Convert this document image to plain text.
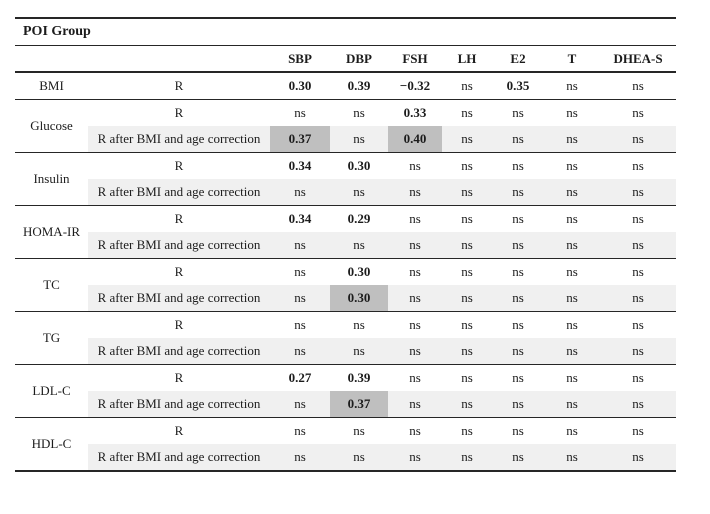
POI Group								
		SBP	DBP	FSH	LH	E2	T	DHEA-S
BMI	R	0.30	0.39	−0.32	ns	0.35	ns	ns
Glucose	R	ns	ns	0.33	ns	ns	ns	ns
	R after BMI and age correction	0.37	ns	0.40	ns	ns	ns	ns
Insulin	R	0.34	0.30	ns	ns	ns	ns	ns
	R after BMI and age correction	ns	ns	ns	ns	ns	ns	ns
HOMA-IR	R	0.34	0.29	ns	ns	ns	ns	ns
	R after BMI and age correction	ns	ns	ns	ns	ns	ns	ns
TC	R	ns	0.30	ns	ns	ns	ns	ns
	R after BMI and age correction	ns	0.30	ns	ns	ns	ns	ns
TG	R	ns	ns	ns	ns	ns	ns	ns
	R after BMI and age correction	ns	ns	ns	ns	ns	ns	ns
LDL-C	R	0.27	0.39	ns	ns	ns	ns	ns
	R after BMI and age correction	ns	0.37	ns	ns	ns	ns	ns
HDL-C	R	ns	ns	ns	ns	ns	ns	ns
	R after BMI and age correction	ns	ns	ns	ns	ns	ns	ns
